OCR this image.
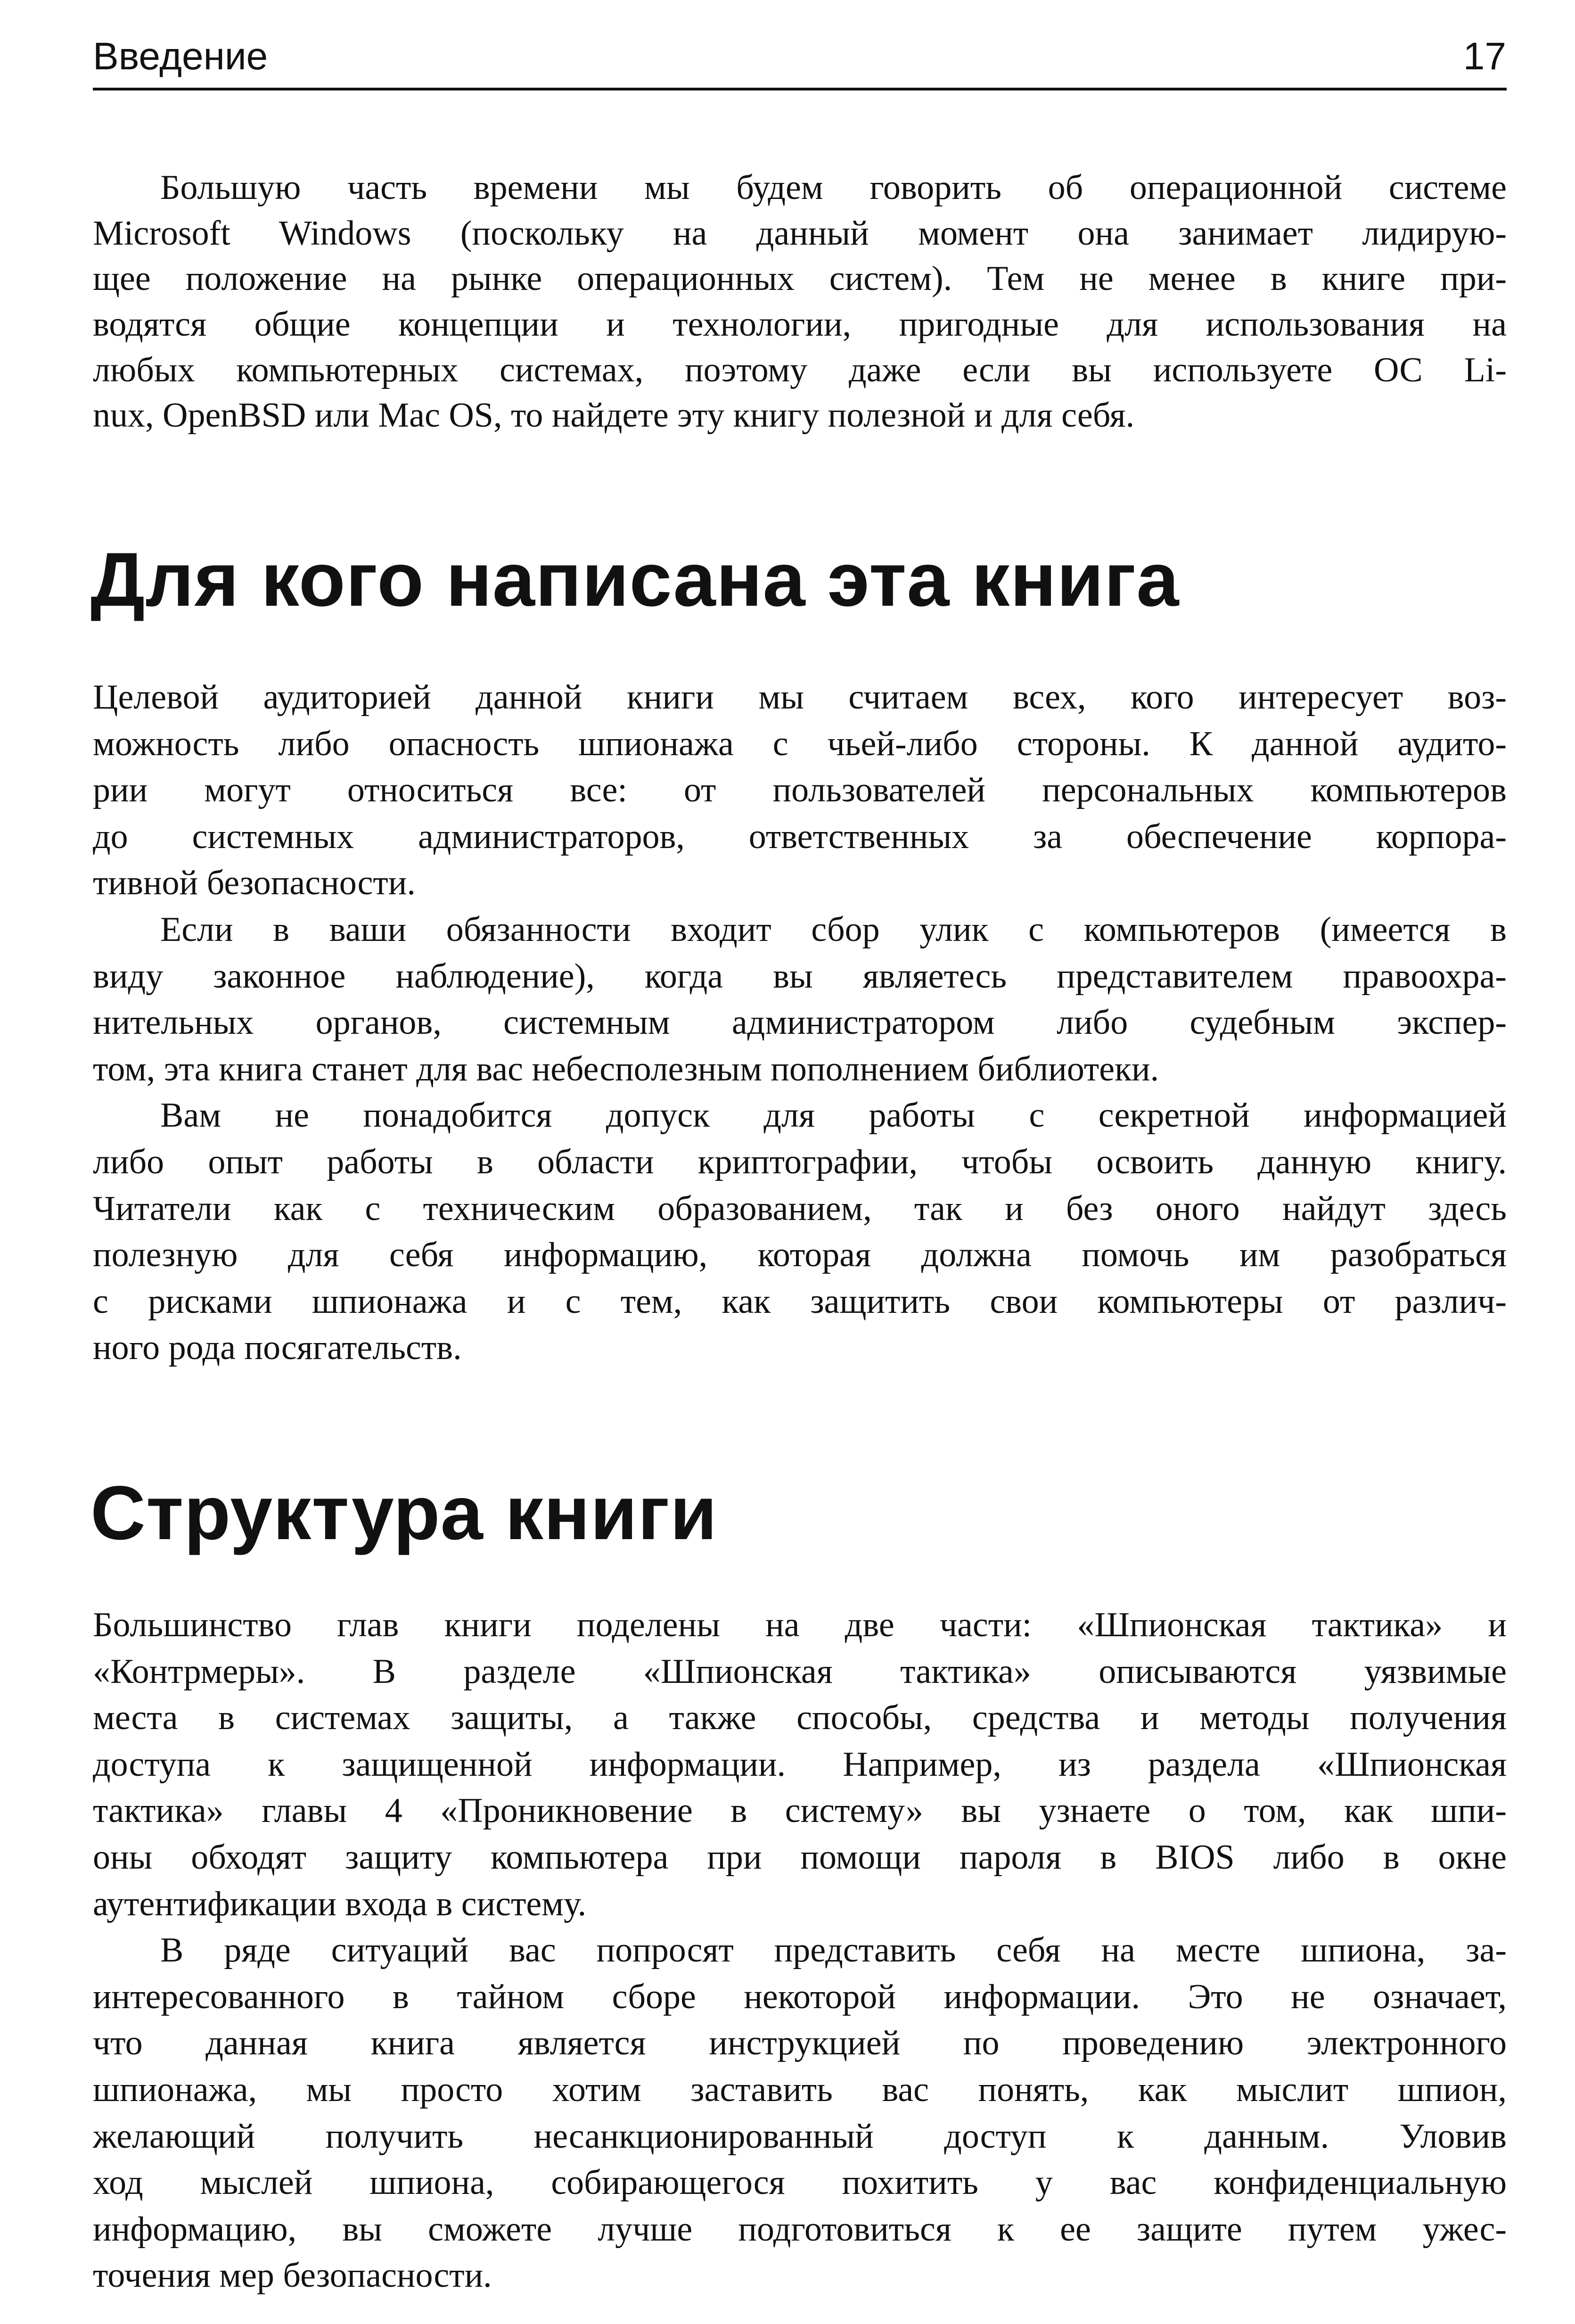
Введение	17
Для кого написана эта книга
Структура книги
Большую часть времени мы будем говорить об операционной системе
Microsoft Windows (поскольку на данный момент она занимает лидирую-
щее положение на рынке операционных систем). Тем не менее в книге при-
водятся общие концепции и технологии, пригодные для использования на
любых компьютерных системах, поэтому даже если вы используете ОС Li-
nux, OpenBSD или Mac OS, то найдете эту книгу полезной и для себя.
Целевой аудиторией данной книги мы считаем всех, кого интересует воз-
можность либо опасность шпионажа с чьей-либо стороны. К данной аудито-
рии могут относиться все: от пользователей персональных компьютеров
до системных администраторов, ответственных за обеспечение корпора-
тивной безопасности.
Если в ваши обязанности входит сбор улик с компьютеров (имеется в
виду законное наблюдение), когда вы являетесь представителем правоохра-
нительных органов, системным администратором либо судебным экспер-
том, эта книга станет для вас небесполезным пополнением библиотеки.
Вам не понадобится допуск для работы с секретной информацией
либо опыт работы в области криптографии, чтобы освоить данную книгу.
Читатели как с техническим образованием, так и без оного найдут здесь
полезную для себя информацию, которая должна помочь им разобраться
с рисками шпионажа и с тем, как защитить свои компьютеры от различ-
ного рода посягательств.
Большинство глав книги поделены на две части: «Шпионская тактика» и
«Контрмеры». В разделе «Шпионская тактика» описываются уязвимые
места в системах защиты, а также способы, средства и методы получения
доступа к защищенной информации. Например, из раздела «Шпионская
тактика» главы 4 «Проникновение в систему» вы узнаете о том, как шпи-
оны обходят защиту компьютера при помощи пароля в BIOS либо в окне
аутентификации входа в систему.
В ряде ситуаций вас попросят представить себя на месте шпиона, за-
интересованного в тайном сборе некоторой информации. Это не означает,
что данная книга является инструкцией по проведению электронного
шпионажа, мы просто хотим заставить вас понять, как мыслит шпион,
желающий получить несанкционированный доступ к данным. Уловив
ход мыслей шпиона, собирающегося похитить у вас конфиденциальную
информацию, вы сможете лучше подготовиться к ее защите путем ужес-
точения мер безопасности.
